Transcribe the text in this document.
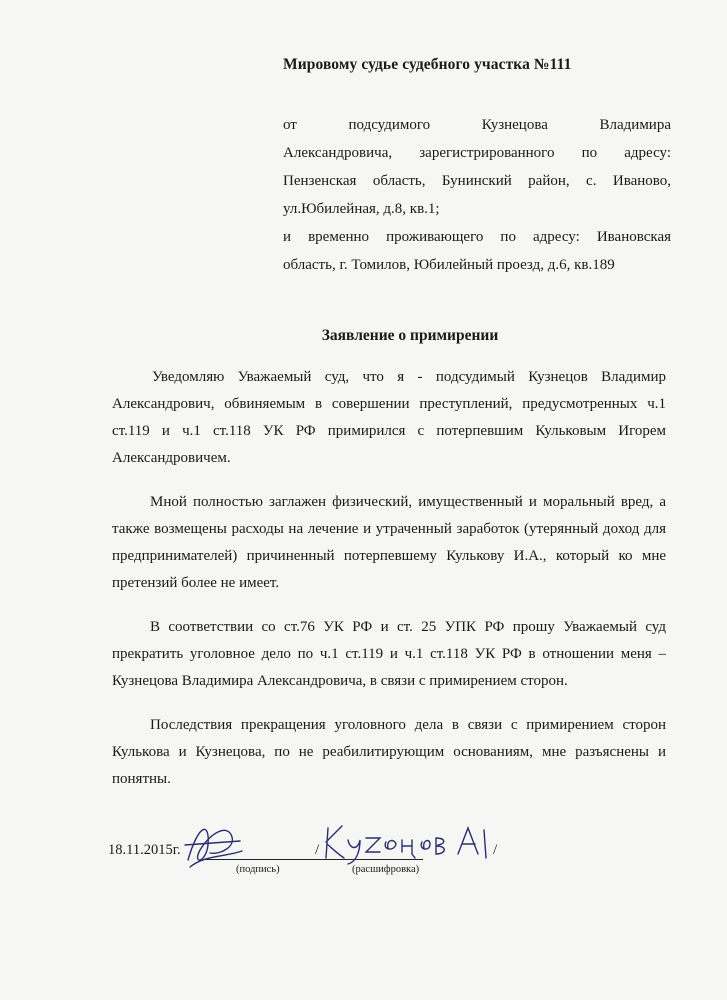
Мировому судье судебного участка №111

от подсудимого Кузнецова Владимира

Александровича, зарегистрированного по адресу:

Пензенская область, Бунинский район, с. Иваново,

ул.Юбилейная, д.8, кв.1;

и временно проживающего по адресу: Ивановская

область, г. Томилов, Юбилейный проезд, д.6, кв.189

Заявление о примирении

Уведомляю Уважаемый суд, что я - подсудимый Кузнецов Владимир Александрович, обвиняемым в совершении преступлений, предусмотренных ч.1 ст.119 и ч.1 ст.118 УК РФ примирился с потерпевшим Кульковым Игорем Александровичем.

Мной полностью заглажен физический, имущественный и моральный вред, а также возмещены расходы на лечение и утраченный заработок (утерянный доход для предпринимателей) причиненный потерпевшему Кулькову И.А., который ко мне претензий более не имеет.

В соответствии со ст.76 УК РФ и ст. 25 УПК РФ прошу Уважаемый суд прекратить уголовное дело по ч.1 ст.119 и ч.1 ст.118 УК РФ в отношении меня – Кузнецова Владимира Александровича, в связи с примирением сторон.

Последствия прекращения уголовного дела в связи с примирением сторон Кулькова и Кузнецова, по не реабилитирующим основаниям, мне разъяснены и понятны.

18.11.2015г.	/	/
(подпись)	(расшифровка)
